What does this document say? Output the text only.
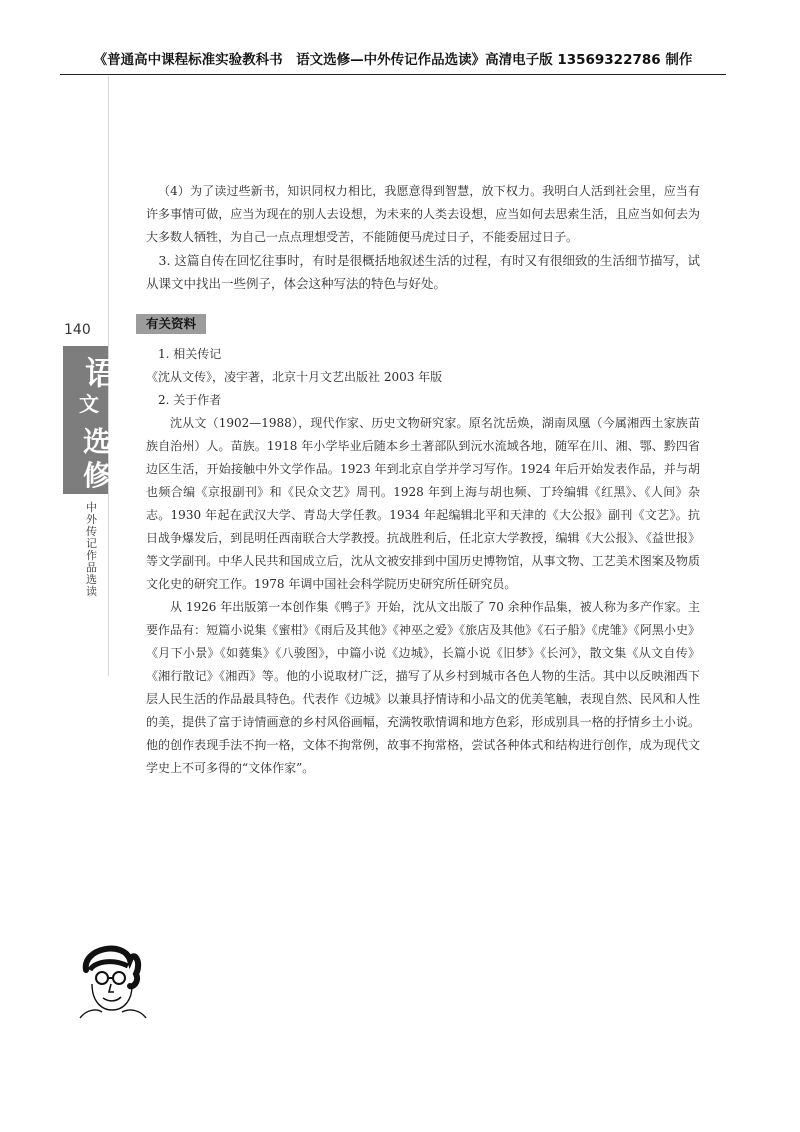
《普通高中课程标准实验教科书　语文选修—中外传记作品选读》高清电子版 13569322786 制作
140
语
文
选
修
中外传记作品选读

（4）为了读过些新书，知识同权力相比，我愿意得到智慧，放下权力。我明白人活到社会里，应当有许多事情可做，应当为现在的别人去设想，为未来的人类去设想，应当如何去思索生活，且应当如何去为大多数人牺牲，为自己一点点理想受苦，不能随便马虎过日子，不能委屈过日子。

3. 这篇自传在回忆往事时，有时是很概括地叙述生活的过程，有时又有很细致的生活细节描写，试从课文中找出一些例子，体会这种写法的特色与好处。

有关资料

1. 相关传记

《沈从文传》，凌宇著，北京十月文艺出版社 2003 年版

2. 关于作者

沈从文（1902—1988），现代作家、历史文物研究家。原名沈岳焕，湖南凤凰（今属湘西土家族苗族自治州）人。苗族。1918 年小学毕业后随本乡土著部队到沅水流域各地，随军在川、湘、鄂、黔四省边区生活，开始接触中外文学作品。1923 年到北京自学并学习写作。1924 年后开始发表作品，并与胡也频合编《京报副刊》和《民众文艺》周刊。1928 年到上海与胡也频、丁玲编辑《红黑》、《人间》杂志。1930 年起在武汉大学、青岛大学任教。1934 年起编辑北平和天津的《大公报》副刊《文艺》。抗日战争爆发后，到昆明任西南联合大学教授。抗战胜利后，任北京大学教授，编辑《大公报》、《益世报》等文学副刊。中华人民共和国成立后，沈从文被安排到中国历史博物馆，从事文物、工艺美术图案及物质文化史的研究工作。1978 年调中国社会科学院历史研究所任研究员。

从 1926 年出版第一本创作集《鸭子》开始，沈从文出版了 70 余种作品集，被人称为多产作家。主要作品有：短篇小说集《蜜柑》《雨后及其他》《神巫之爱》《旅店及其他》《石子船》《虎雏》《阿黑小史》《月下小景》《如蕤集》《八骏图》，中篇小说《边城》，长篇小说《旧梦》《长河》，散文集《从文自传》《湘行散记》《湘西》等。他的小说取材广泛，描写了从乡村到城市各色人物的生活。其中以反映湘西下层人民生活的作品最具特色。代表作《边城》以兼具抒情诗和小品文的优美笔触，表现自然、民风和人性的美，提供了富于诗情画意的乡村风俗画幅，充满牧歌情调和地方色彩，形成别具一格的抒情乡土小说。他的创作表现手法不拘一格，文体不拘常例，故事不拘常格，尝试各种体式和结构进行创作，成为现代文学史上不可多得的“文体作家”。
